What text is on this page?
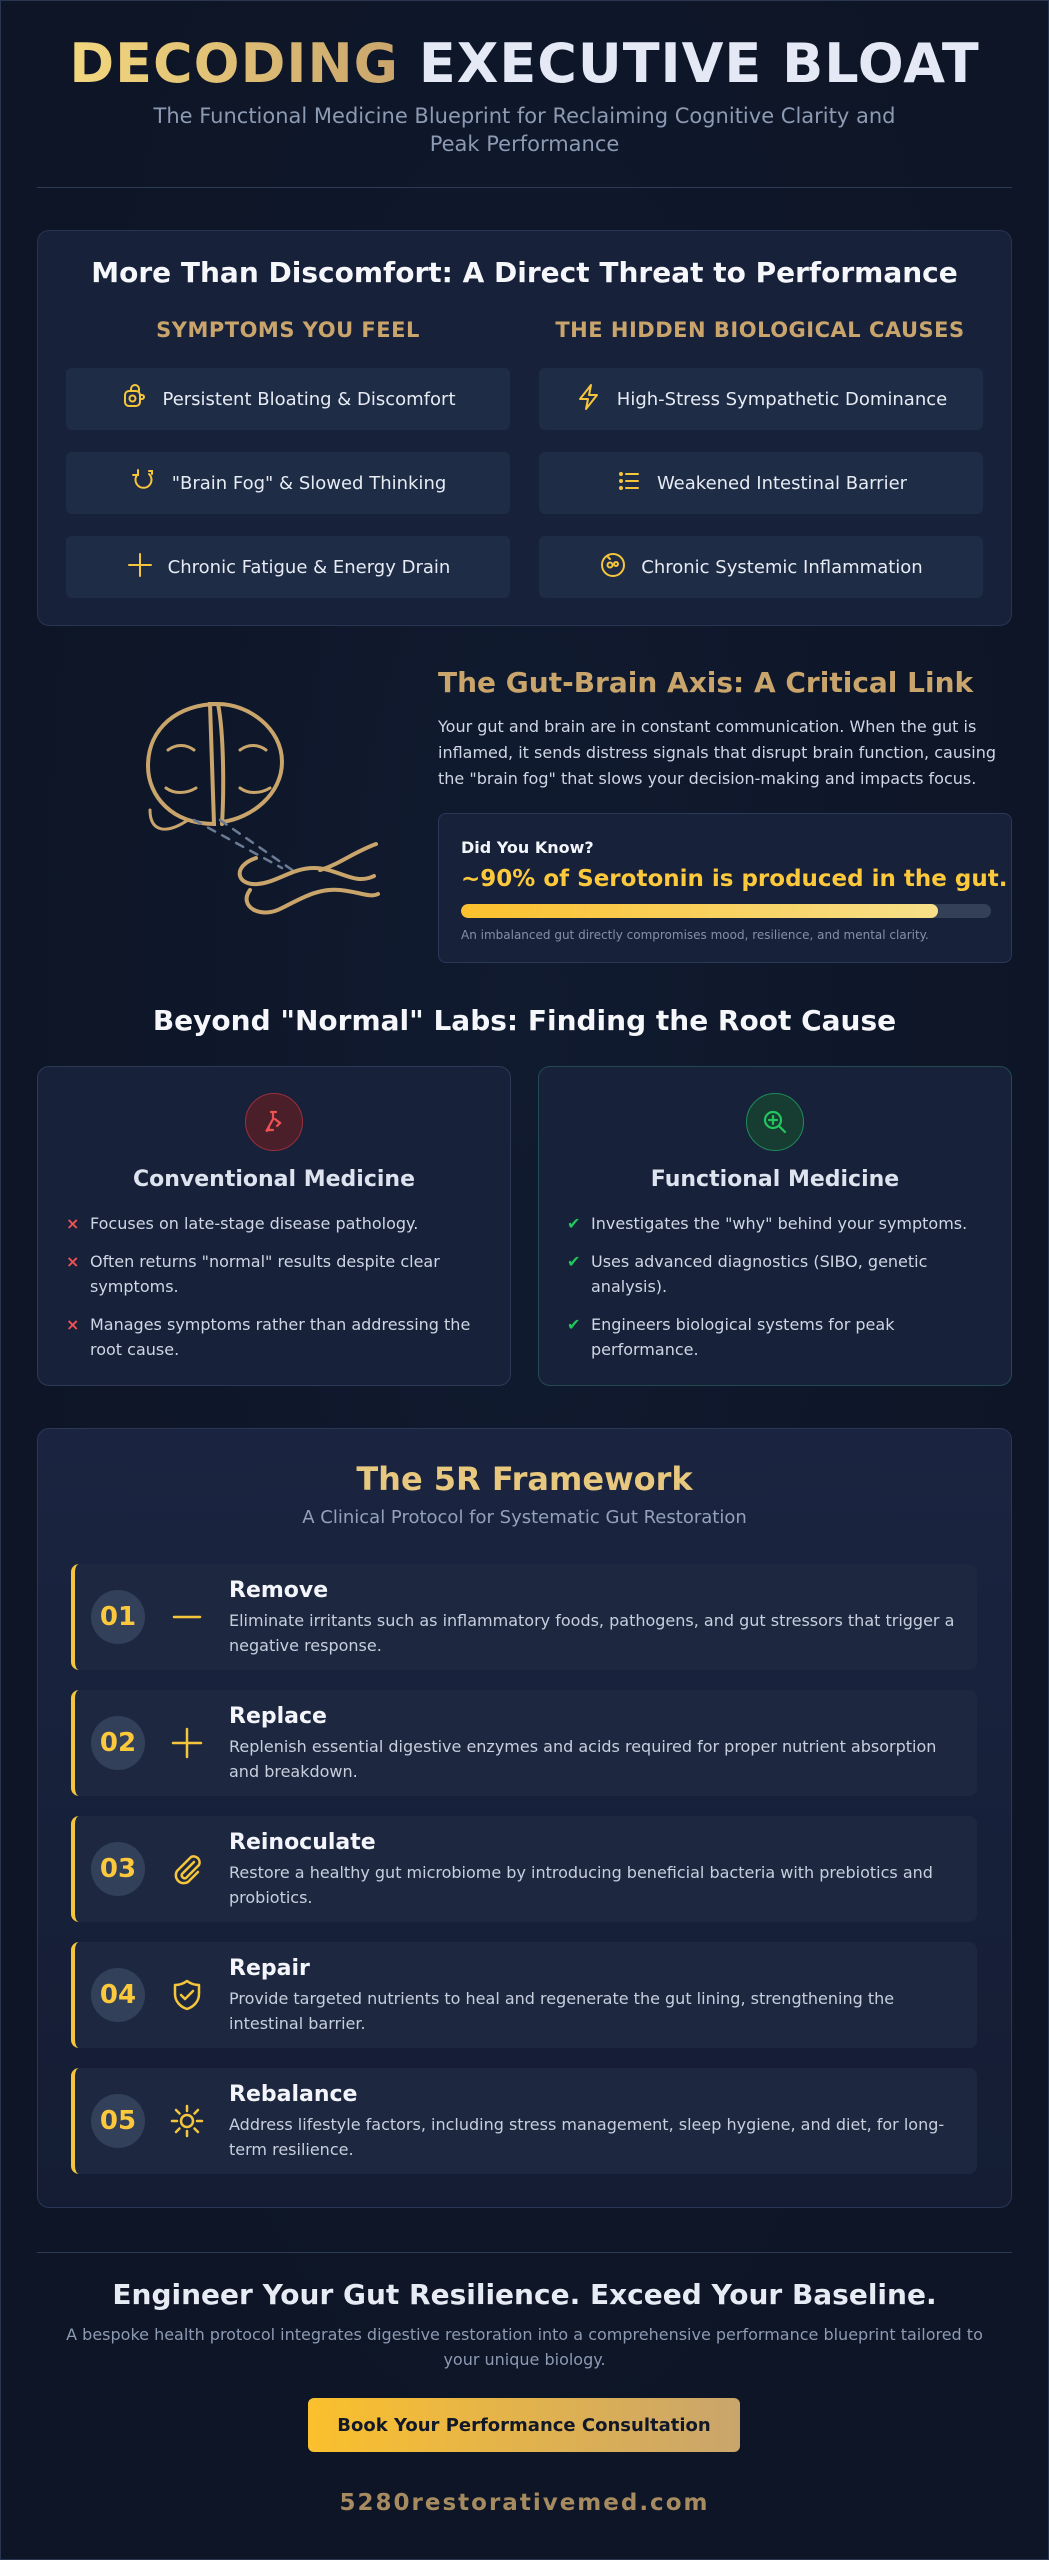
DECODING EXECUTIVE BLOAT
The Functional Medicine Blueprint for Reclaiming Cognitive Clarity and Peak Performance
More Than Discomfort: A Direct Threat to Performance
SYMPTOMS YOU FEEL	THE HIDDEN BIOLOGICAL CAUSES
Persistent Bloating & Discomfort
"Brain Fog" & Slowed Thinking
Chronic Fatigue & Energy Drain
High-Stress Sympathetic Dominance
Weakened Intestinal Barrier
Chronic Systemic Inflammation
The Gut-Brain Axis: A Critical Link
Your gut and brain are in constant communication. When the gut is inflamed, it sends distress signals that disrupt brain function, causing the "brain fog" that slows your decision-making and impacts focus.
Did You Know?
~90% of Serotonin is produced in the gut.
An imbalanced gut directly compromises mood, resilience, and mental clarity.
Beyond "Normal" Labs: Finding the Root Cause
Conventional Medicine
× Focuses on late-stage disease pathology.
× Often returns "normal" results despite clear symptoms.
× Manages symptoms rather than addressing the root cause.
Functional Medicine
✔ Investigates the "why" behind your symptoms.
✔ Uses advanced diagnostics (SIBO, genetic analysis).
✔ Engineers biological systems for peak performance.
The 5R Framework
A Clinical Protocol for Systematic Gut Restoration
01
Remove
Eliminate irritants such as inflammatory foods, pathogens, and gut stressors that trigger a negative response.
02
Replace
Replenish essential digestive enzymes and acids required for proper nutrient absorption and breakdown.
03
Reinoculate
Restore a healthy gut microbiome by introducing beneficial bacteria with prebiotics and probiotics.
04
Repair
Provide targeted nutrients to heal and regenerate the gut lining, strengthening the intestinal barrier.
05
Rebalance
Address lifestyle factors, including stress management, sleep hygiene, and diet, for long-term resilience.
Engineer Your Gut Resilience. Exceed Your Baseline.
A bespoke health protocol integrates digestive restoration into a comprehensive performance blueprint tailored to your unique biology.
Book Your Performance Consultation
5280restorativemed.com
